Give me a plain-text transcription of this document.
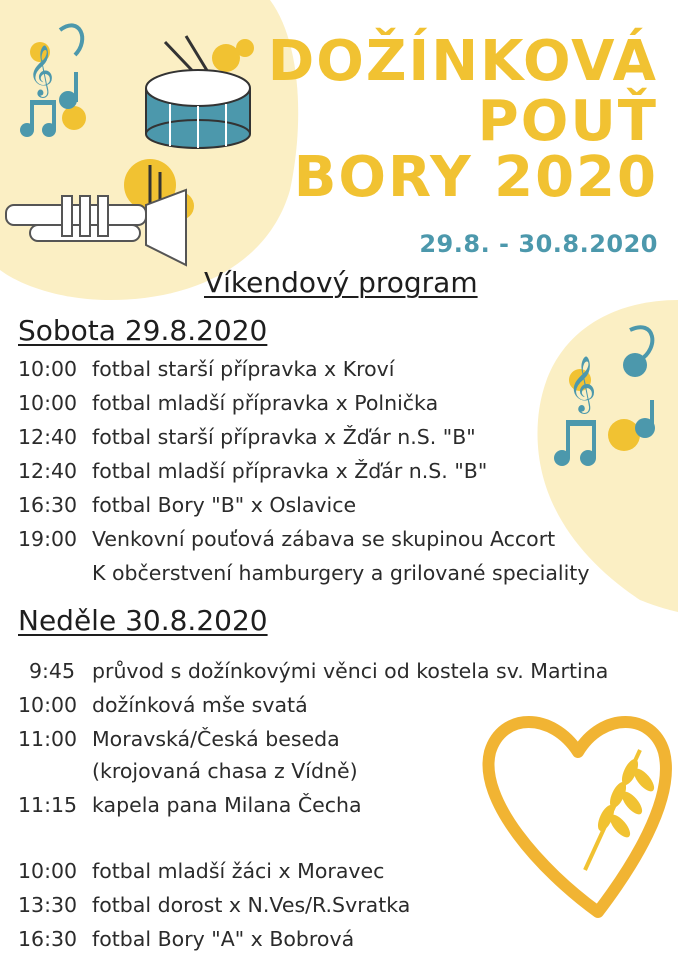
𝄞
𝄞
DOŽÍNKOVÁ
POUŤ
BORY 2020
29.8. - 30.8.2020
Víkendový program
Sobota 29.8.2020
10:00 fotbal starší přípravka x Kroví
10:00 fotbal mladší přípravka x Polnička
12:40 fotbal starší přípravka x Žďár n.S. "B"
12:40 fotbal mladší přípravka x Žďár n.S. "B"
16:30 fotbal Bory "B" x Oslavice
19:00 Venkovní pouťová zábava se skupinou Accort
K občerstvení hamburgery a grilované speciality
Neděle 30.8.2020
9:45 průvod s dožínkovými věnci od kostela sv. Martina
10:00 dožínková mše svatá
11:00 Moravská/Česká beseda
(krojovaná chasa z Vídně)
11:15 kapela pana Milana Čecha
10:00 fotbal mladší žáci x Moravec
13:30 fotbal dorost x N.Ves/R.Svratka
16:30 fotbal Bory "A" x Bobrová
